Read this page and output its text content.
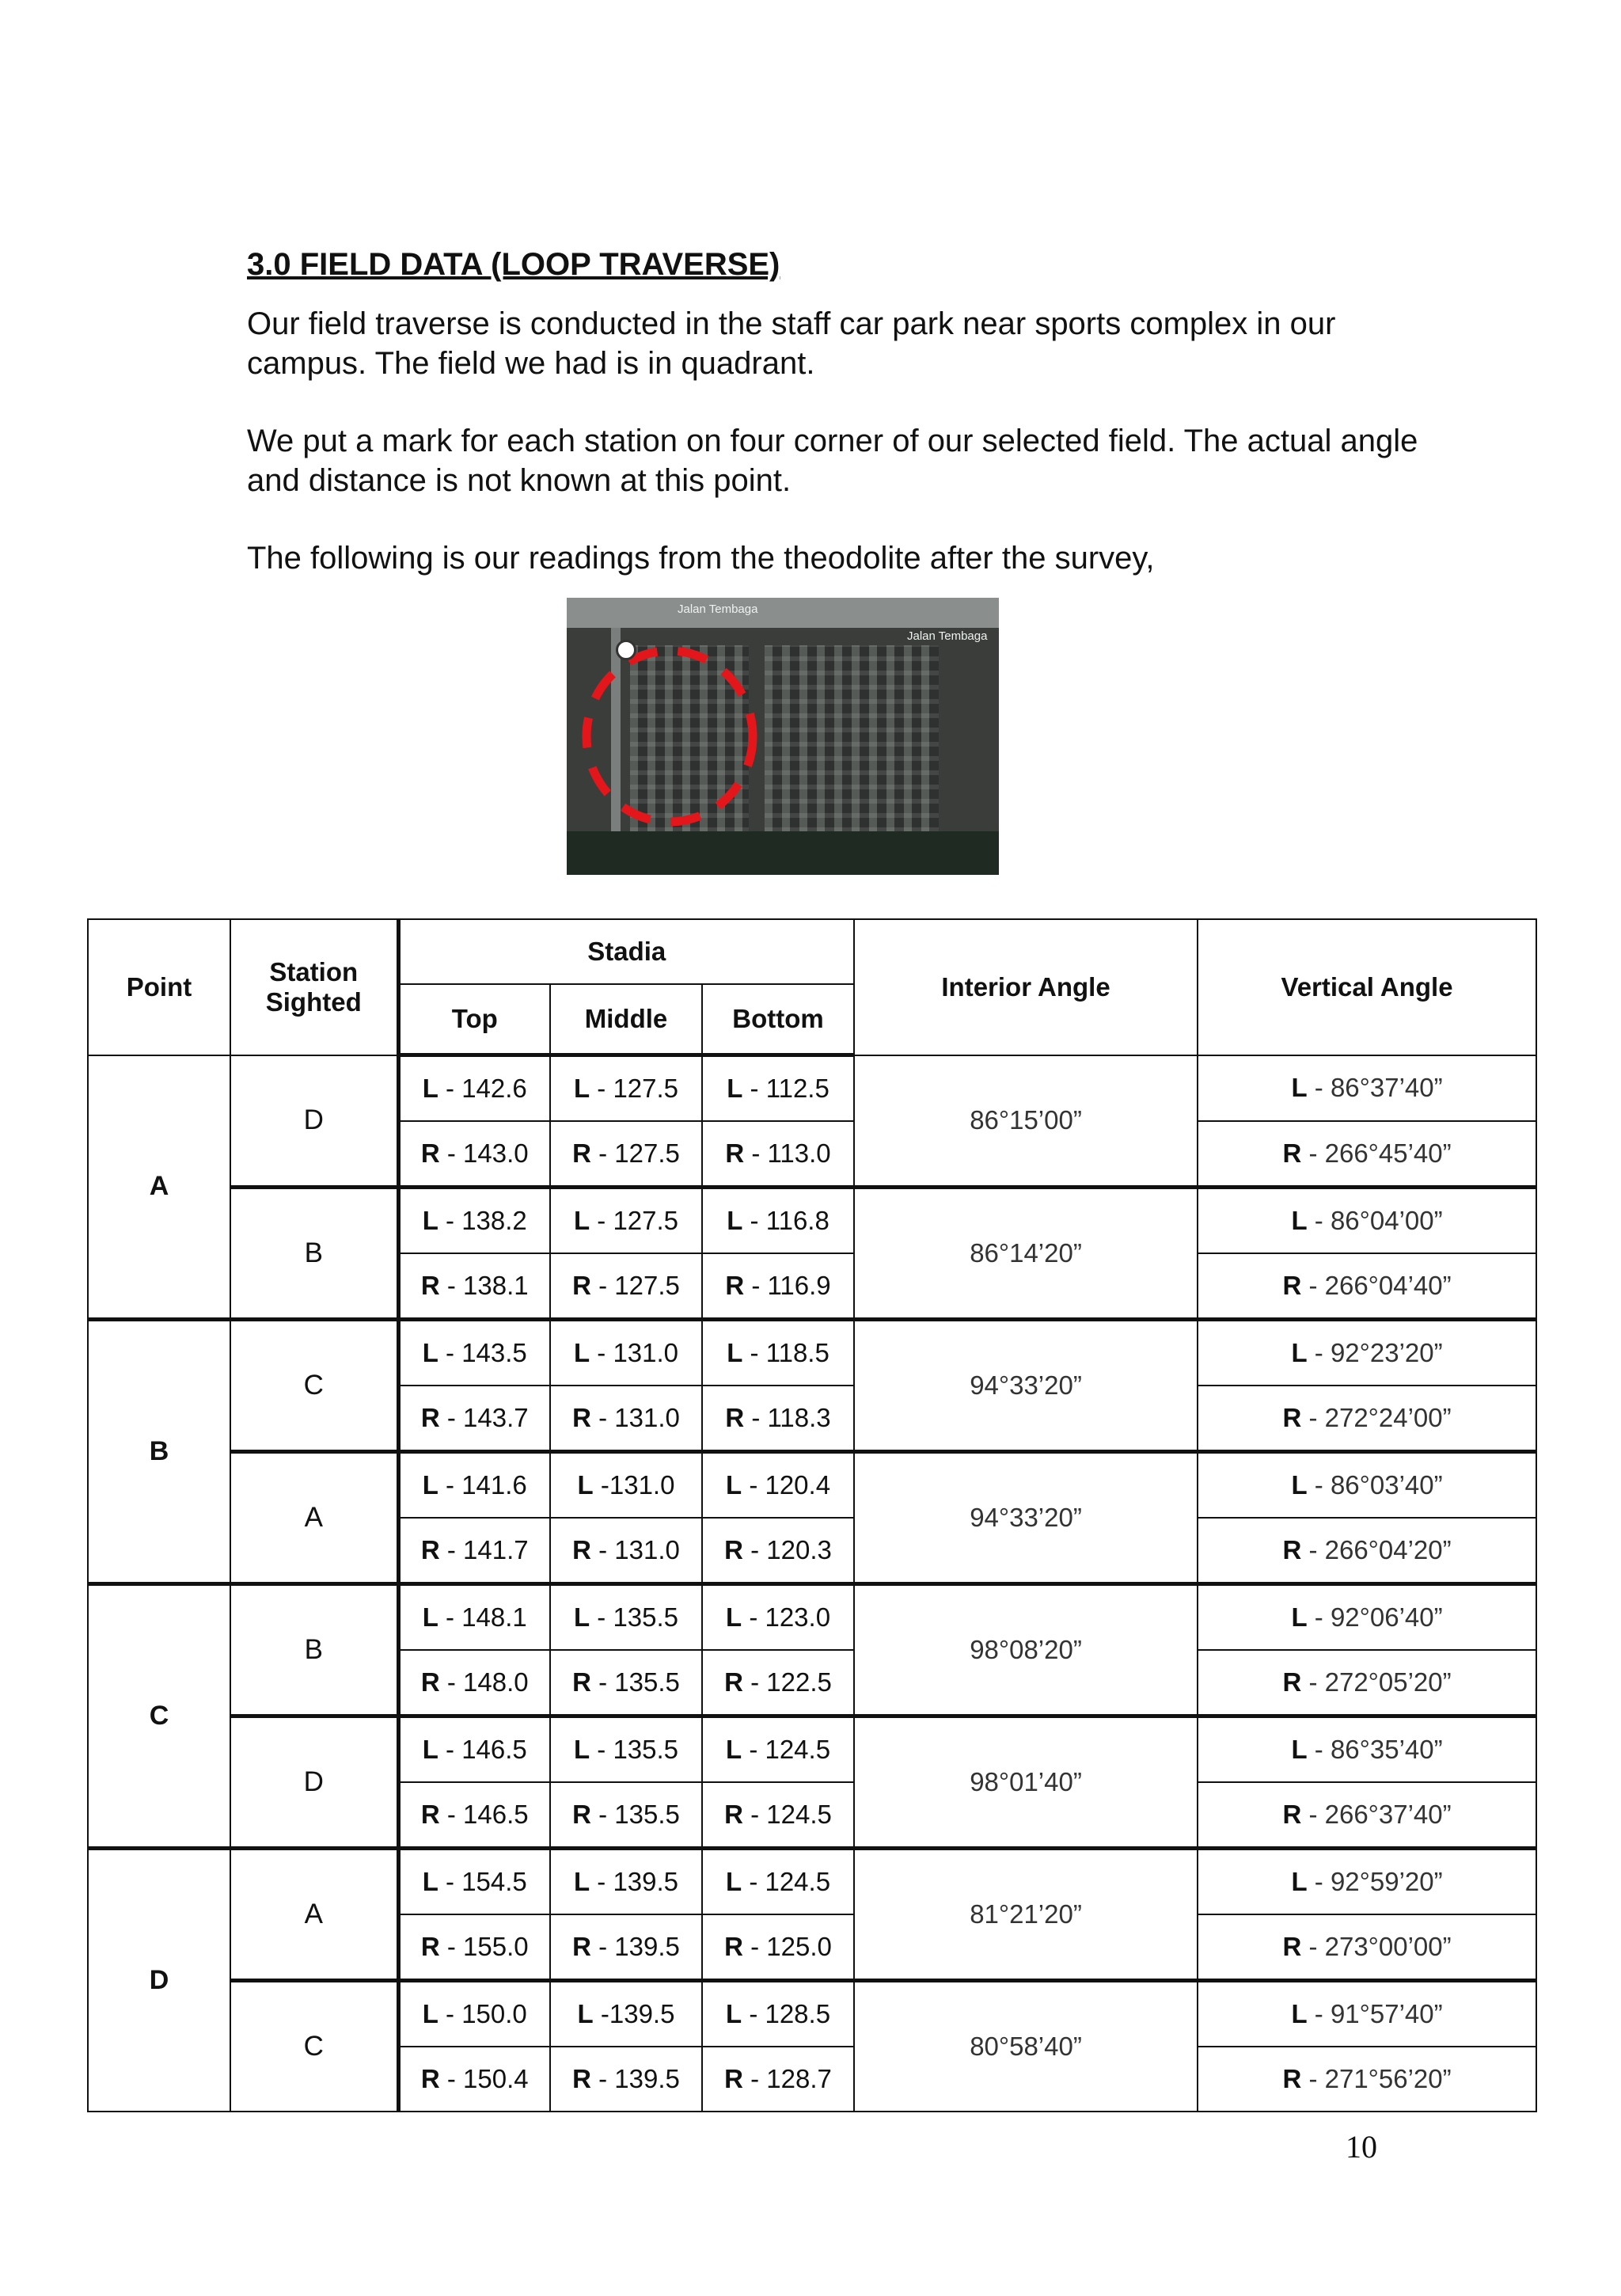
3.0 FIELD DATA (LOOP TRAVERSE)

Our field traverse is conducted in the staff car park near sports complex in our campus. The field we had is in quadrant.

We put a mark for each station on four corner of our selected field. The actual angle and distance is not known at this point.

The following is our readings from the theodolite after the survey,

Jalan Tembaga
Jalan Tembaga
Point	Station Sighted	Stadia			Interior Angle	Vertical Angle
		Top	Middle	Bottom		
A	D	L - 142.6	L - 127.5	L - 112.5	86°15’00”	L - 86°37’40”
		R - 143.0	R - 127.5	R - 113.0		R - 266°45’40”
	B	L - 138.2	L - 127.5	L - 116.8	86°14’20”	L - 86°04’00”
		R - 138.1	R - 127.5	R - 116.9		R - 266°04’40”
B	C	L - 143.5	L - 131.0	L - 118.5	94°33’20”	L - 92°23’20”
		R - 143.7	R - 131.0	R - 118.3		R - 272°24’00”
	A	L - 141.6	L -131.0	L - 120.4	94°33’20”	L - 86°03’40”
		R - 141.7	R - 131.0	R - 120.3		R - 266°04’20”
C	B	L - 148.1	L - 135.5	L - 123.0	98°08’20”	L - 92°06’40”
		R - 148.0	R - 135.5	R - 122.5		R - 272°05’20”
	D	L - 146.5	L - 135.5	L - 124.5	98°01’40”	L - 86°35’40”
		R - 146.5	R - 135.5	R - 124.5		R - 266°37’40”
D	A	L - 154.5	L - 139.5	L - 124.5	81°21’20”	L - 92°59’20”
		R - 155.0	R - 139.5	R - 125.0		R - 273°00’00”
	C	L - 150.0	L -139.5	L - 128.5	80°58’40”	L - 91°57’40”
		R - 150.4	R - 139.5	R - 128.7		R - 271°56’20”
10
